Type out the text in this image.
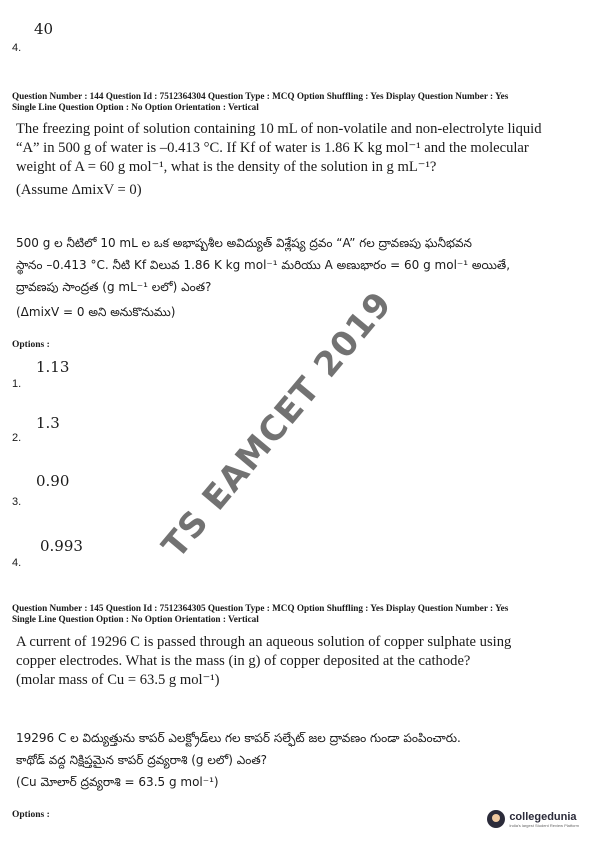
40
4.
Question Number : 144 Question Id : 7512364304 Question Type : MCQ Option Shuffling : Yes Display Question Number : Yes
Single Line Question Option : No Option Orientation : Vertical
The freezing point of solution containing 10 mL of non-volatile and non-electrolyte liquid
“A” in 500 g of water is –0.413 °C. If Kf of water is 1.86 K kg mol⁻¹ and the molecular
weight of A = 60 g mol⁻¹, what is the density of the solution in g mL⁻¹?
(Assume ΔmixV = 0)
500 g ల నీటిలో 10 mL ల ఒక అభాష్పశీల అవిద్యుత్ విశ్లేష్య ద్రవం “A” గల ద్రావణపు ఘనీభవన
స్థానం –0.413 °C. నీటి Kf విలువ 1.86 K kg mol⁻¹ మరియు A అణుభారం = 60 g mol⁻¹ అయితే,
ద్రావణపు సాంద్రత (g mL⁻¹ లలో) ఎంత?
(ΔmixV = 0 అని అనుకొనుము)
Options :
1.13
1.
1.3
2.
0.90
3.
0.993
4.
Question Number : 145 Question Id : 7512364305 Question Type : MCQ Option Shuffling : Yes Display Question Number : Yes
Single Line Question Option : No Option Orientation : Vertical
A current of 19296 C is passed through an aqueous solution of copper sulphate using
copper electrodes. What is the mass (in g) of copper deposited at the cathode?
(molar mass of Cu = 63.5 g mol⁻¹)
19296 C ల విద్యుత్తును కాపర్ ఎలక్ట్రోడ్‌లు గల కాపర్ సల్ఫేట్ జల ద్రావణం గుండా పంపించారు.
కాథోడ్ వద్ద నిక్షిప్తమైన కాపర్ ద్రవ్యరాశి (g లలో) ఎంత?
(Cu మోలార్ ద్రవ్యరాశి = 63.5 g mol⁻¹)
Options :
TS EAMCET 2019
collegedunia
India's largest Student Review Platform
